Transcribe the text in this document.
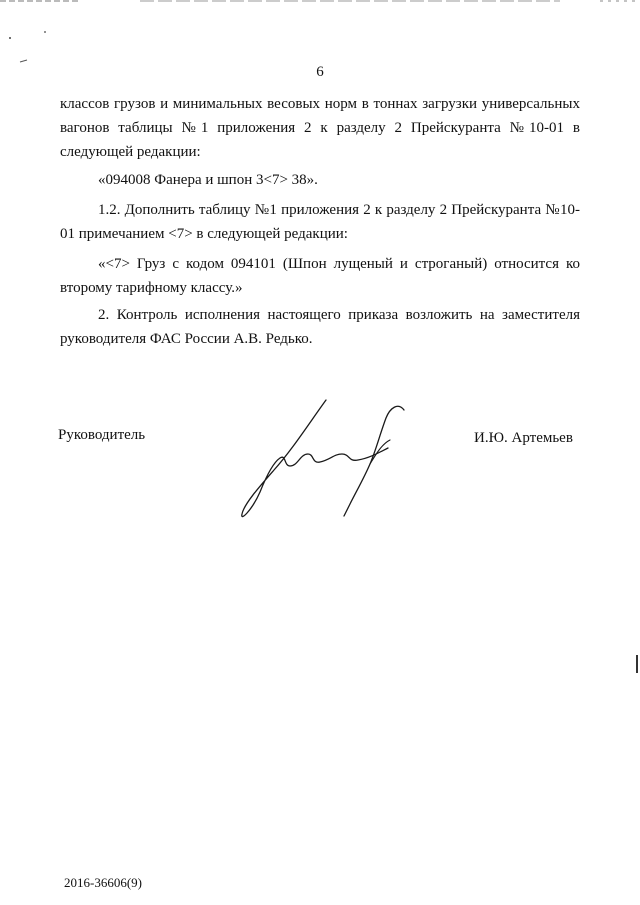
6

классов грузов и минимальных весовых норм в тоннах загрузки универсальных вагонов таблицы №1 приложения 2 к разделу 2 Прейскуранта №10-01 в следующей редакции:

«094008 Фанера и шпон 3<7> 38».

1.2. Дополнить таблицу №1 приложения 2 к разделу 2 Прейскуранта №10-01 примечанием <7> в следующей редакции:

«<7> Груз с кодом 094101 (Шпон лущеный и строганый) относится ко второму тарифному классу.»

2. Контроль исполнения настоящего приказа возложить на заместителя руководителя ФАС России А.В. Редько.

Руководитель	И.Ю. Артемьев
2016-36606(9)
